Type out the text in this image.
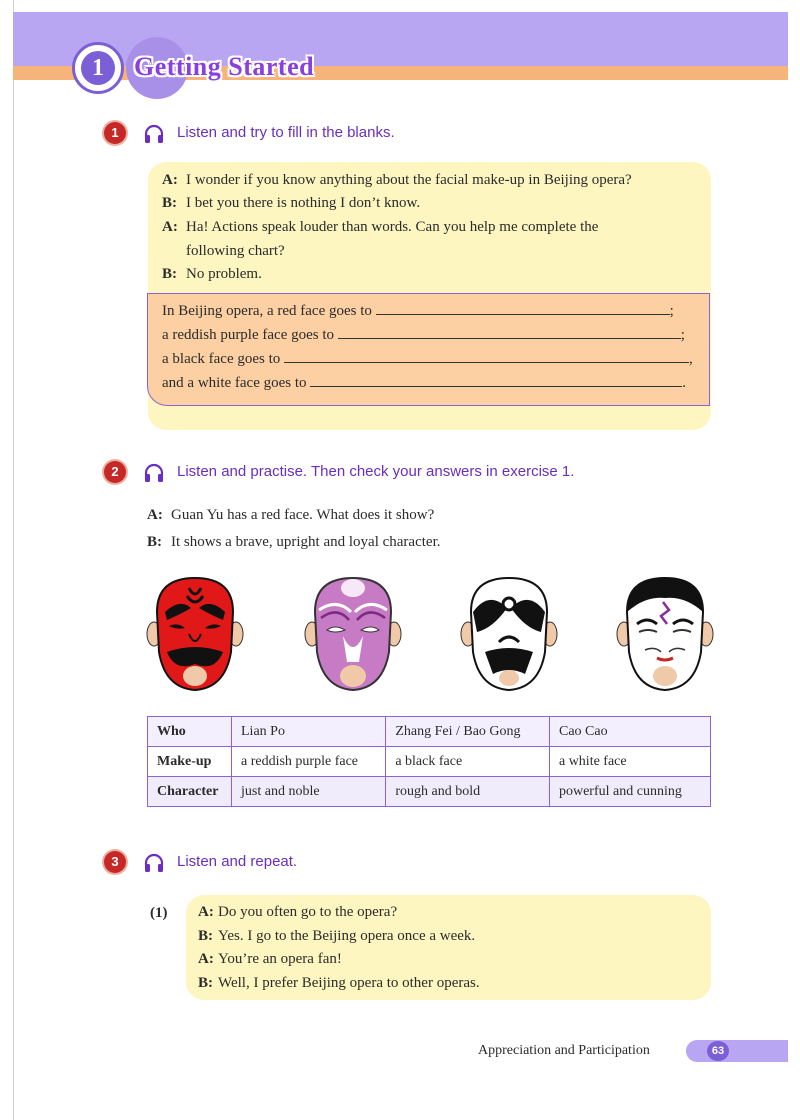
1	Getting Started
1	Listen and try to fill in the blanks.
A: I wonder if you know anything about the facial make-up in Beijing opera?
B: I bet you there is nothing I don’t know.
A: Ha! Actions speak louder than words. Can you help me complete the
following chart?
B: No problem.
In Beijing opera, a red face goes to	;
a reddish purple face goes to	;
a black face goes to	,
and a white face goes to	.
2	Listen and practise. Then check your answers in exercise 1.
A: Guan Yu has a red face. What does it show?
B: It shows a brave, upright and loyal character.
Who	Lian Po	Zhang Fei / Bao Gong	Cao Cao
Make-up	a reddish purple face	a black face	a white face
Character	just and noble	rough and bold	powerful and cunning
3	Listen and repeat.
(1) A: Do you often go to the opera?
B: Yes. I go to the Beijing opera once a week.
A: You’re an opera fan!
B: Well, I prefer Beijing opera to other operas.
Appreciation and Participation	63
